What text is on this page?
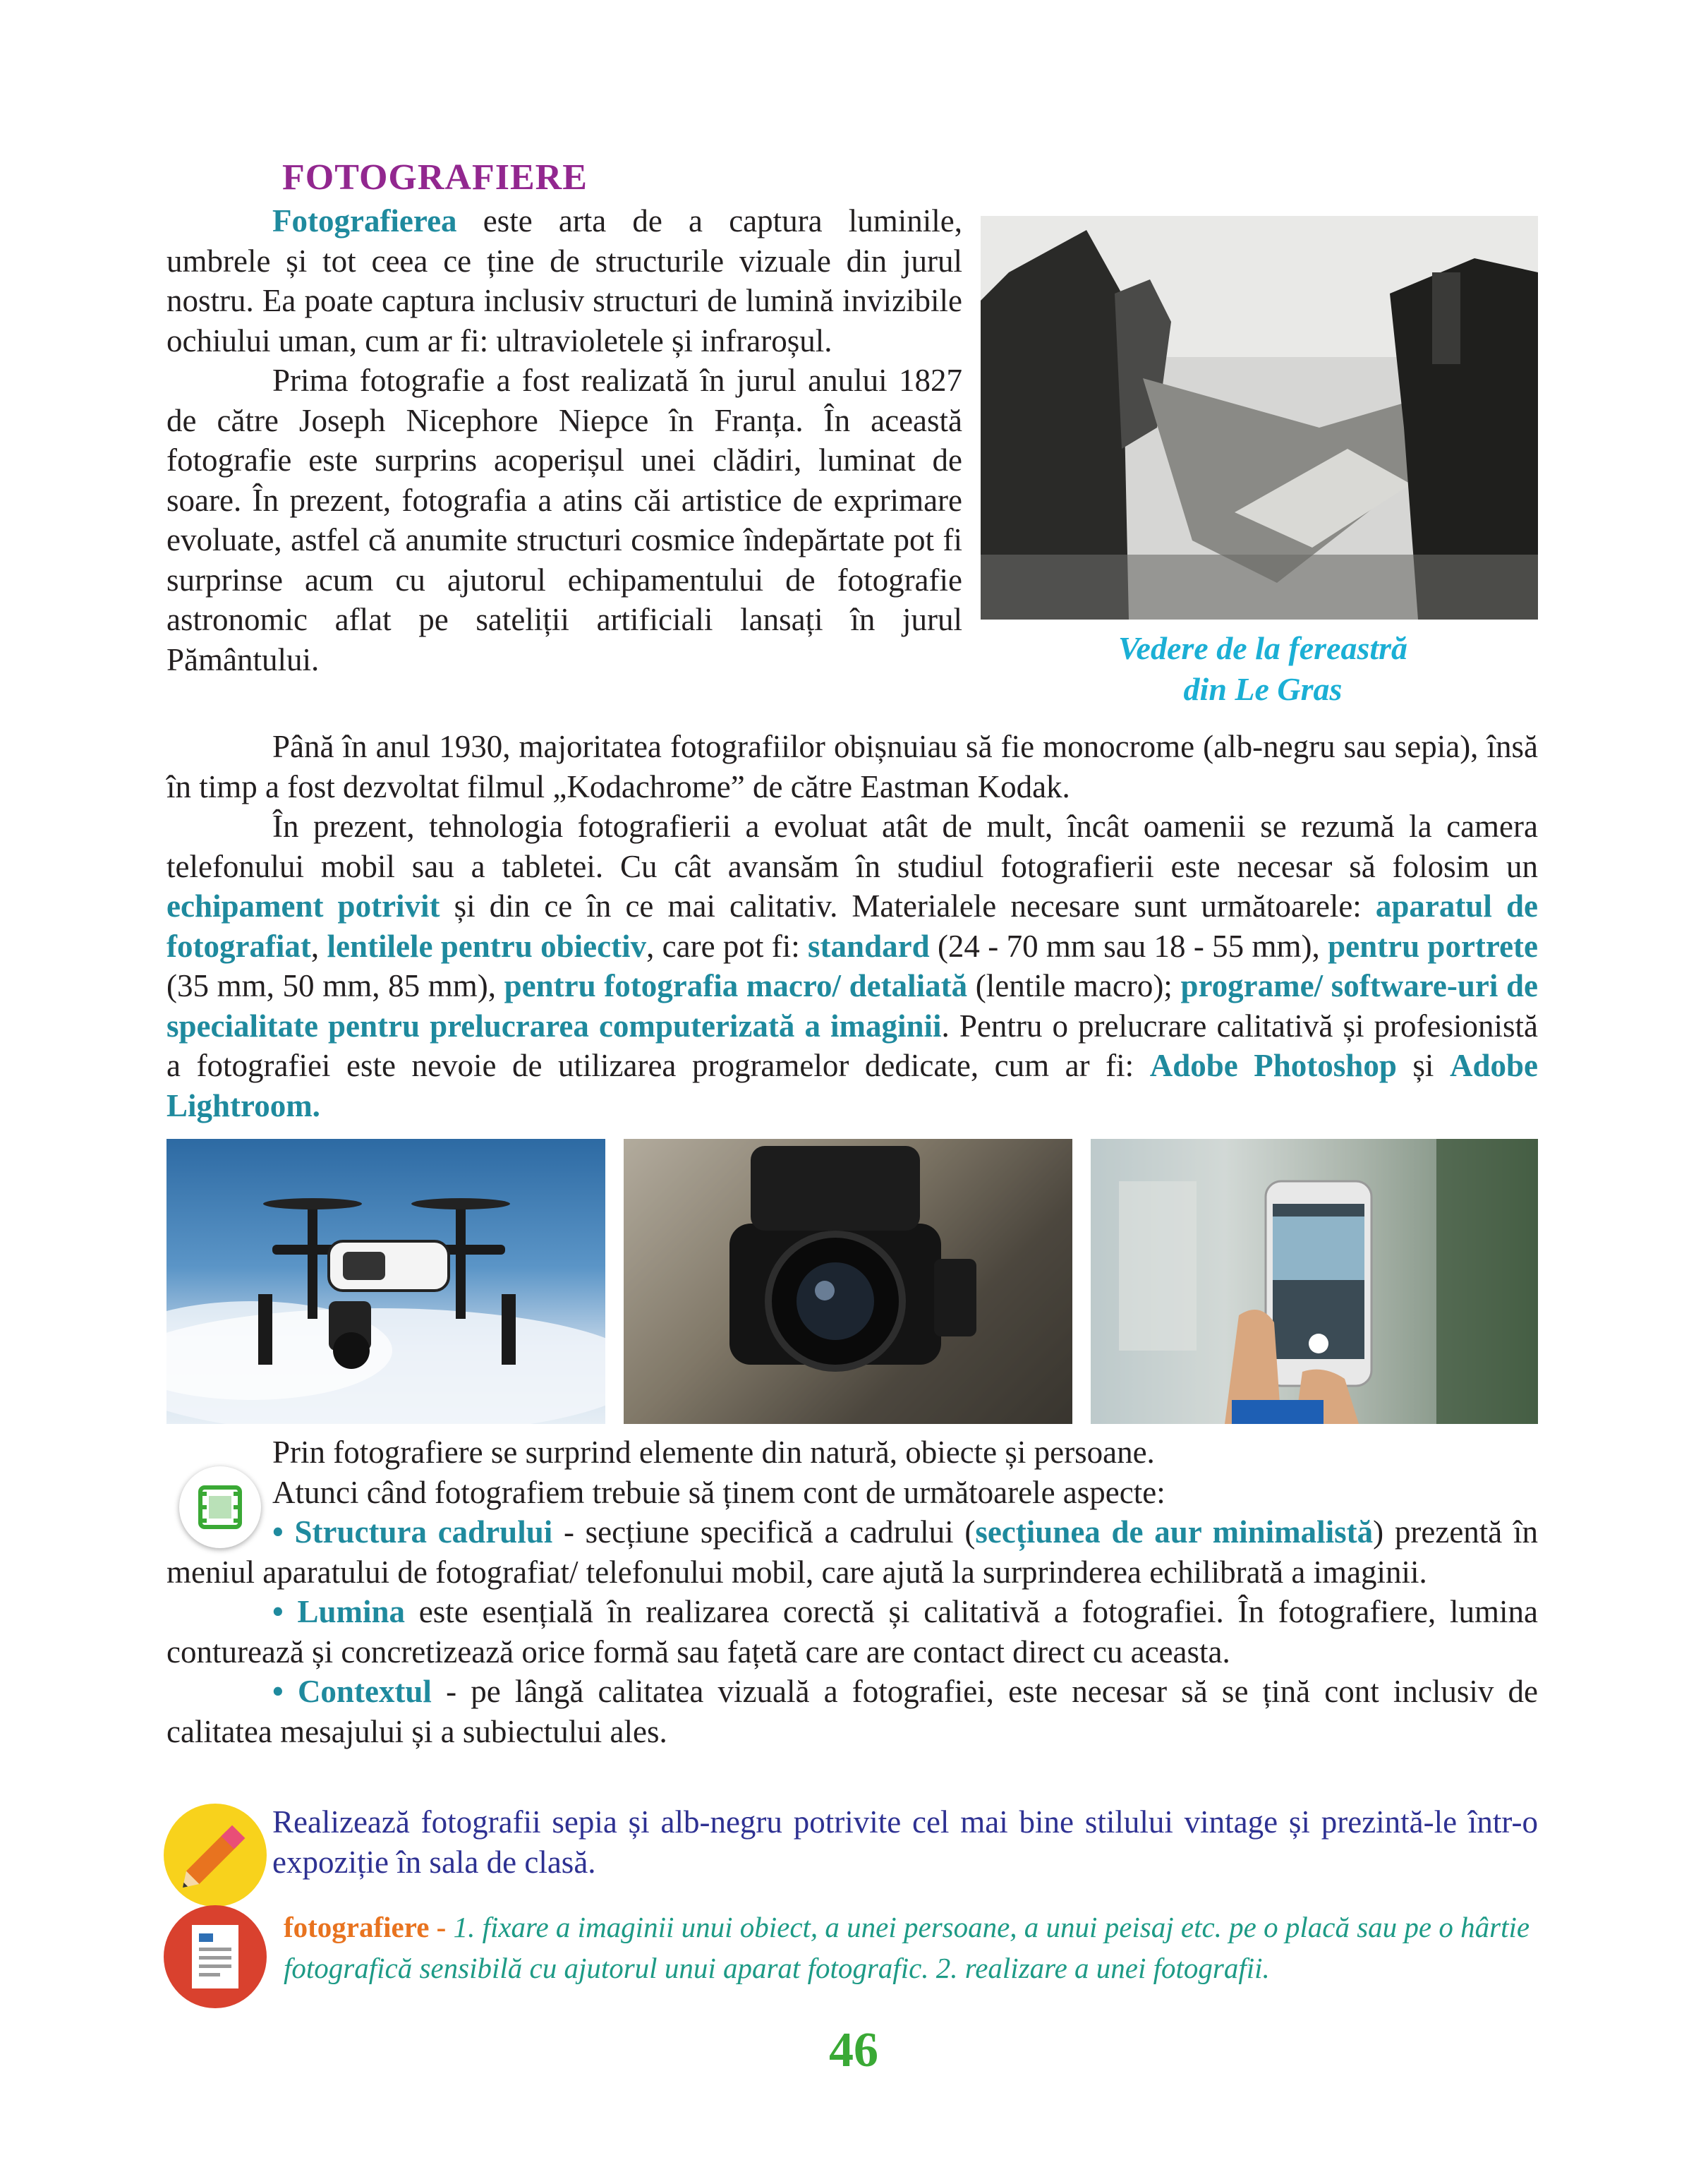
FOTOGRAFIERE

Fotografierea este arta de a captura luminile, umbrele și tot ceea ce ține de structurile vizuale din jurul nostru. Ea poate captura inclusiv structuri de lumină invizibile ochiului uman, cum ar fi: ultravioletele și infraroșul.

Prima fotografie a fost realizată în jurul anului 1827 de către Joseph Nicephore Niepce în Franța. În această fotografie este surprins acoperișul unei clădiri, luminat de soare. În prezent, fotografia a atins căi artistice de exprimare evoluate, astfel că anumite structuri cosmice îndepărtate pot fi surprinse acum cu ajutorul echipamentului de fotografie astronomic aflat pe sateliții artificiali lansați în jurul Pământului.	Vedere de la fereastră
din Le Gras

Până în anul 1930, majoritatea fotografiilor obișnuiau să fie monocrome (alb-negru sau sepia), însă în timp a fost dezvoltat filmul „Kodachrome” de către Eastman Kodak.

În prezent, tehnologia fotografierii a evoluat atât de mult, încât oamenii se rezumă la camera telefonului mobil sau a tabletei. Cu cât avansăm în studiul fotografierii este necesar să folosim un echipament potrivit și din ce în ce mai calitativ. Materialele necesare sunt următoarele: aparatul de fotografiat, lentilele pentru obiectiv, care pot fi: standard (24 - 70 mm sau 18 - 55 mm), pentru portrete (35 mm, 50 mm, 85 mm), pentru fotografia macro/ detaliată (lentile macro); programe/ software-uri de specialitate pentru prelucrarea computerizată a imaginii. Pentru o prelucrare calitativă și profesionistă a fotografiei este nevoie de utilizarea programelor dedicate, cum ar fi: Adobe Photoshop și Adobe Lightroom.

Prin fotografiere se surprind elemente din natură, obiecte și persoane.

Atunci când fotografiem trebuie să ținem cont de următoarele aspecte:

• Structura cadrului - secțiune specifică a cadrului (secțiunea de aur minimalistă) prezentă în meniul aparatului de fotografiat/ telefonului mobil, care ajută la surprinderea echilibrată a imaginii.

• Lumina este esențială în realizarea corectă și calitativă a fotografiei. În fotografiere, lumina conturează și concretizează orice formă sau fațetă care are contact direct cu aceasta.

• Contextul - pe lângă calitatea vizuală a fotografiei, este necesar să se țină cont inclusiv de calitatea mesajului și a subiectului ales.

Realizează fotografii sepia și alb-negru potrivite cel mai bine stilului vintage și prezintă-le într-o expoziție în sala de clasă.
fotografiere - 1. fixare a imaginii unui obiect, a unei persoane, a unui peisaj etc. pe o placă sau pe o hârtie fotografică sensibilă cu ajutorul unui aparat fotografic. 2. realizare a unei fotografii.
46
